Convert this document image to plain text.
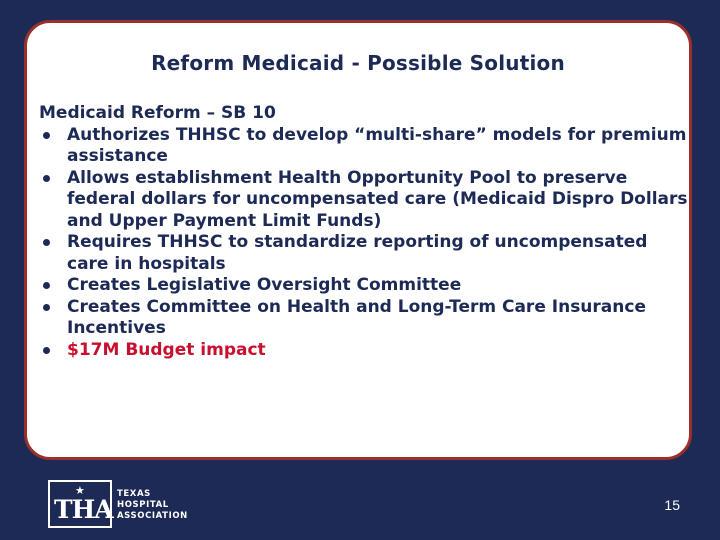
Reform Medicaid - Possible Solution

Medicaid Reform – SB 10

Authorizes THHSC to develop “multi-share” models for premium assistance
Allows establishment Health Opportunity Pool to preserve federal dollars for uncompensated care (Medicaid Dispro Dollars and Upper Payment Limit Funds)
Requires THHSC to standardize reporting of uncompensated care in hospitals
Creates Legislative Oversight Committee
Creates Committee on Health and Long-Term Care Insurance Incentives
$17M Budget impact
★
THA
TEXAS
HOSPITAL
ASSOCIATION
15
